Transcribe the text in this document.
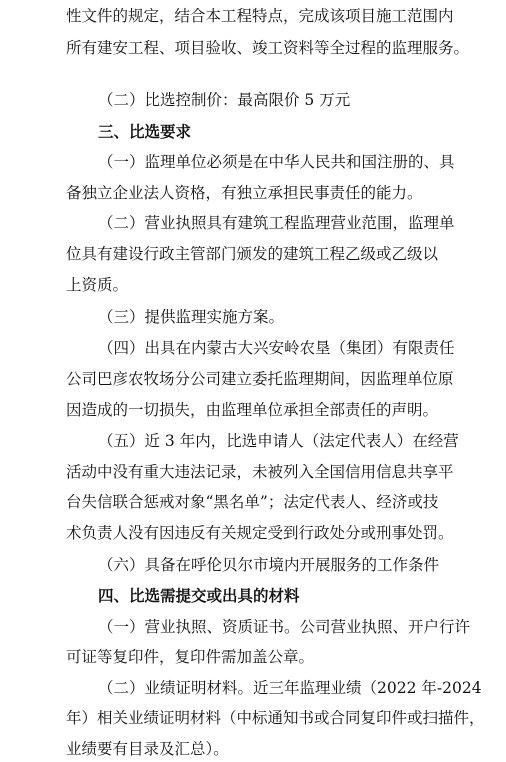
性文件的规定，结合本工程特点，完成该项目施工范围内
所有建安工程、项目验收、竣工资料等全过程的监理服务。
（二）比选控制价：最高限价 5 万元
三、比选要求
（一）监理单位必须是在中华人民共和国注册的、具
备独立企业法人资格，有独立承担民事责任的能力。
（二）营业执照具有建筑工程监理营业范围，监理单
位具有建设行政主管部门颁发的建筑工程乙级或乙级以
上资质。
（三）提供监理实施方案。
（四）出具在内蒙古大兴安岭农垦（集团）有限责任
公司巴彦农牧场分公司建立委托监理期间，因监理单位原
因造成的一切损失，由监理单位承担全部责任的声明。
（五）近 3 年内，比选申请人（法定代表人）在经营
活动中没有重大违法记录，未被列入全国信用信息共享平
台失信联合惩戒对象“黑名单”；法定代表人、经济或技
术负责人没有因违反有关规定受到行政处分或刑事处罚。
（六）具备在呼伦贝尔市境内开展服务的工作条件
四、比选需提交或出具的材料
（一）营业执照、资质证书。公司营业执照、开户行许
可证等复印件，复印件需加盖公章。
（二）业绩证明材料。近三年监理业绩（2022 年-2024
年）相关业绩证明材料（中标通知书或合同复印件或扫描件，
业绩要有目录及汇总）。
